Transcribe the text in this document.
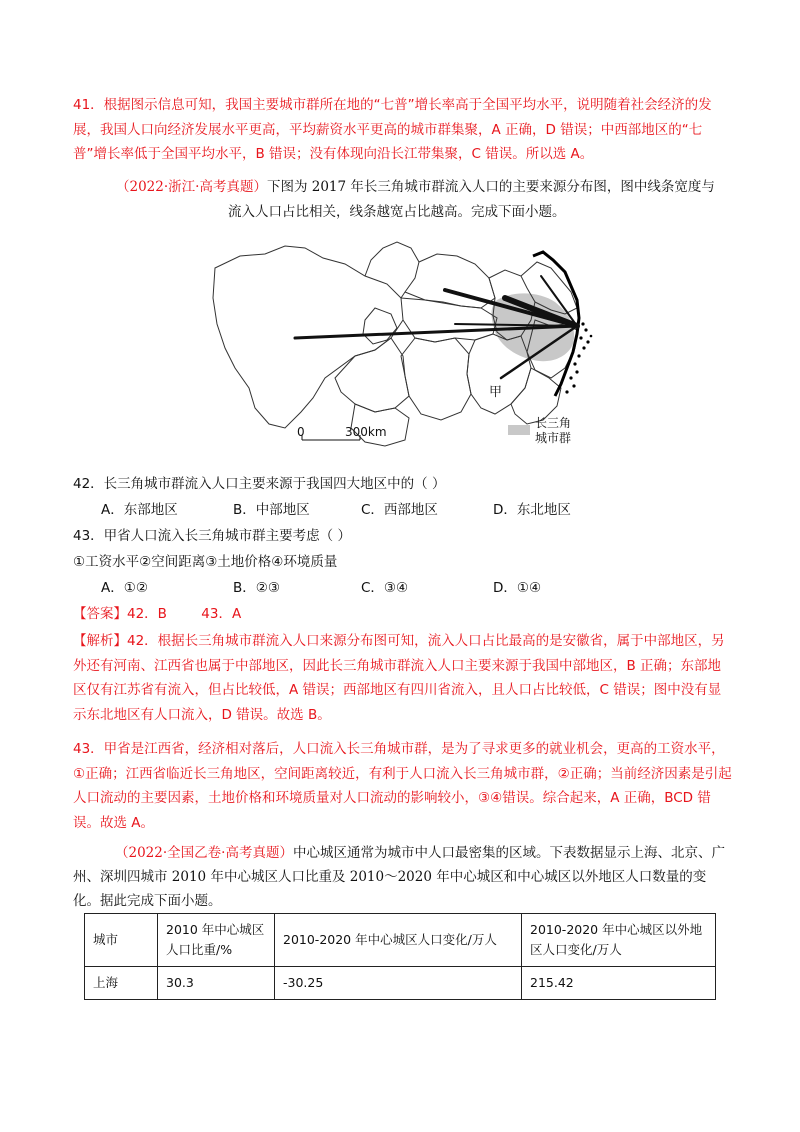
41．根据图示信息可知，我国主要城市群所在地的“七普”增长率高于全国平均水平，说明随着社会经济的发展，我国人口向经济发展水平更高，平均薪资水平更高的城市群集聚，A 正确，D 错误；中西部地区的“七普”增长率低于全国平均水平，B 错误；没有体现向沿长江带集聚，C 错误。所以选 A。
（2022·浙江·高考真题）下图为 2017 年长三角城市群流入人口的主要来源分布图，图中线条宽度与
流入人口占比相关，线条越宽占比越高。完成下面小题。
0	300km
甲
长三角
城市群
42．长三角城市群流入人口主要来源于我国四大地区中的（ ）
A．东部地区	B．中部地区	C．西部地区	D．东北地区
43．甲省人口流入长三角城市群主要考虑（ ）
①工资水平②空间距离③土地价格④环境质量
A．①②	B．②③	C．③④	D．①④
【答案】42．B        43．A
【解析】42．根据长三角城市群流入人口来源分布图可知，流入人口占比最高的是安徽省，属于中部地区，另外还有河南、江西省也属于中部地区，因此长三角城市群流入人口主要来源于我国中部地区，B 正确；东部地区仅有江苏省有流入，但占比较低，A 错误；西部地区有四川省流入，且人口占比较低，C 错误；图中没有显示东北地区有人口流入，D 错误。故选 B。
43．甲省是江西省，经济相对落后，人口流入长三角城市群，是为了寻求更多的就业机会，更高的工资水平，①正确；江西省临近长三角地区，空间距离较近，有利于人口流入长三角城市群，②正确；当前经济因素是引起人口流动的主要因素，土地价格和环境质量对人口流动的影响较小，③④错误。综合起来，A 正确，BCD 错误。故选 A。
（2022·全国乙卷·高考真题）中心城区通常为城市中人口最密集的区域。下表数据显示上海、北京、广州、深圳四城市 2010 年中心城区人口比重及 2010～2020 年中心城区和中心城区以外地区人口数量的变化。据此完成下面小题。
城市	2010 年中心城区人口比重/%	2010-2020 年中心城区人口变化/万人	2010-2020 年中心城区以外地区人口变化/万人
上海	30.3	-30.25	215.42
